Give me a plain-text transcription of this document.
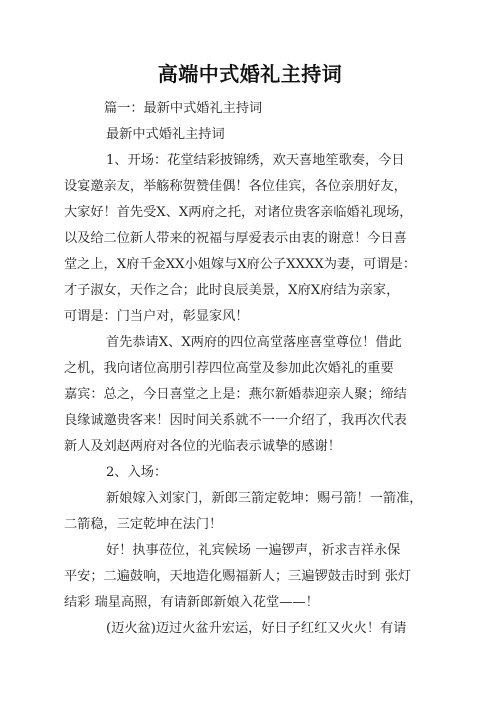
高端中式婚礼主持词
篇一：最新中式婚礼主持词
最新中式婚礼主持词
1、开场：花堂结彩披锦绣，欢天喜地笙歌奏，今日
设宴邀亲友，举觞称贺赞佳偶！各位佳宾，各位亲朋好友，
大家好！首先受X、X两府之托，对诸位贵客亲临婚礼现场，
以及给二位新人带来的祝福与厚爱表示由衷的谢意！今日喜
堂之上，X府千金XX小姐嫁与X府公子XXXX为妻，可谓是：
才子淑女，天作之合；此时良辰美景，X府X府结为亲家，
可谓是：门当户对，彰显家风！
首先恭请X、X两府的四位高堂落座喜堂尊位！借此
之机，我向诸位高朋引荐四位高堂及参加此次婚礼的重要
嘉宾：总之，今日喜堂之上是：燕尔新婚恭迎亲人聚；缔结
良缘诚邀贵客来！因时间关系就不一一介绍了，我再次代表
新人及刘赵两府对各位的光临表示诚挚的感谢！
2、入场：
新娘嫁入刘家门，新郎三箭定乾坤：赐弓箭！一箭准，
二箭稳，三定乾坤在法门！
好！执事莅位，礼宾候场 一遍锣声，祈求吉祥永保
平安；二遍鼓响，天地造化赐福新人；三遍锣鼓击时到 张灯
结彩 瑞星高照，有请新郎新娘入花堂——！
(迈火盆)迈过火盆升宏运，好日子红红又火火！有请
